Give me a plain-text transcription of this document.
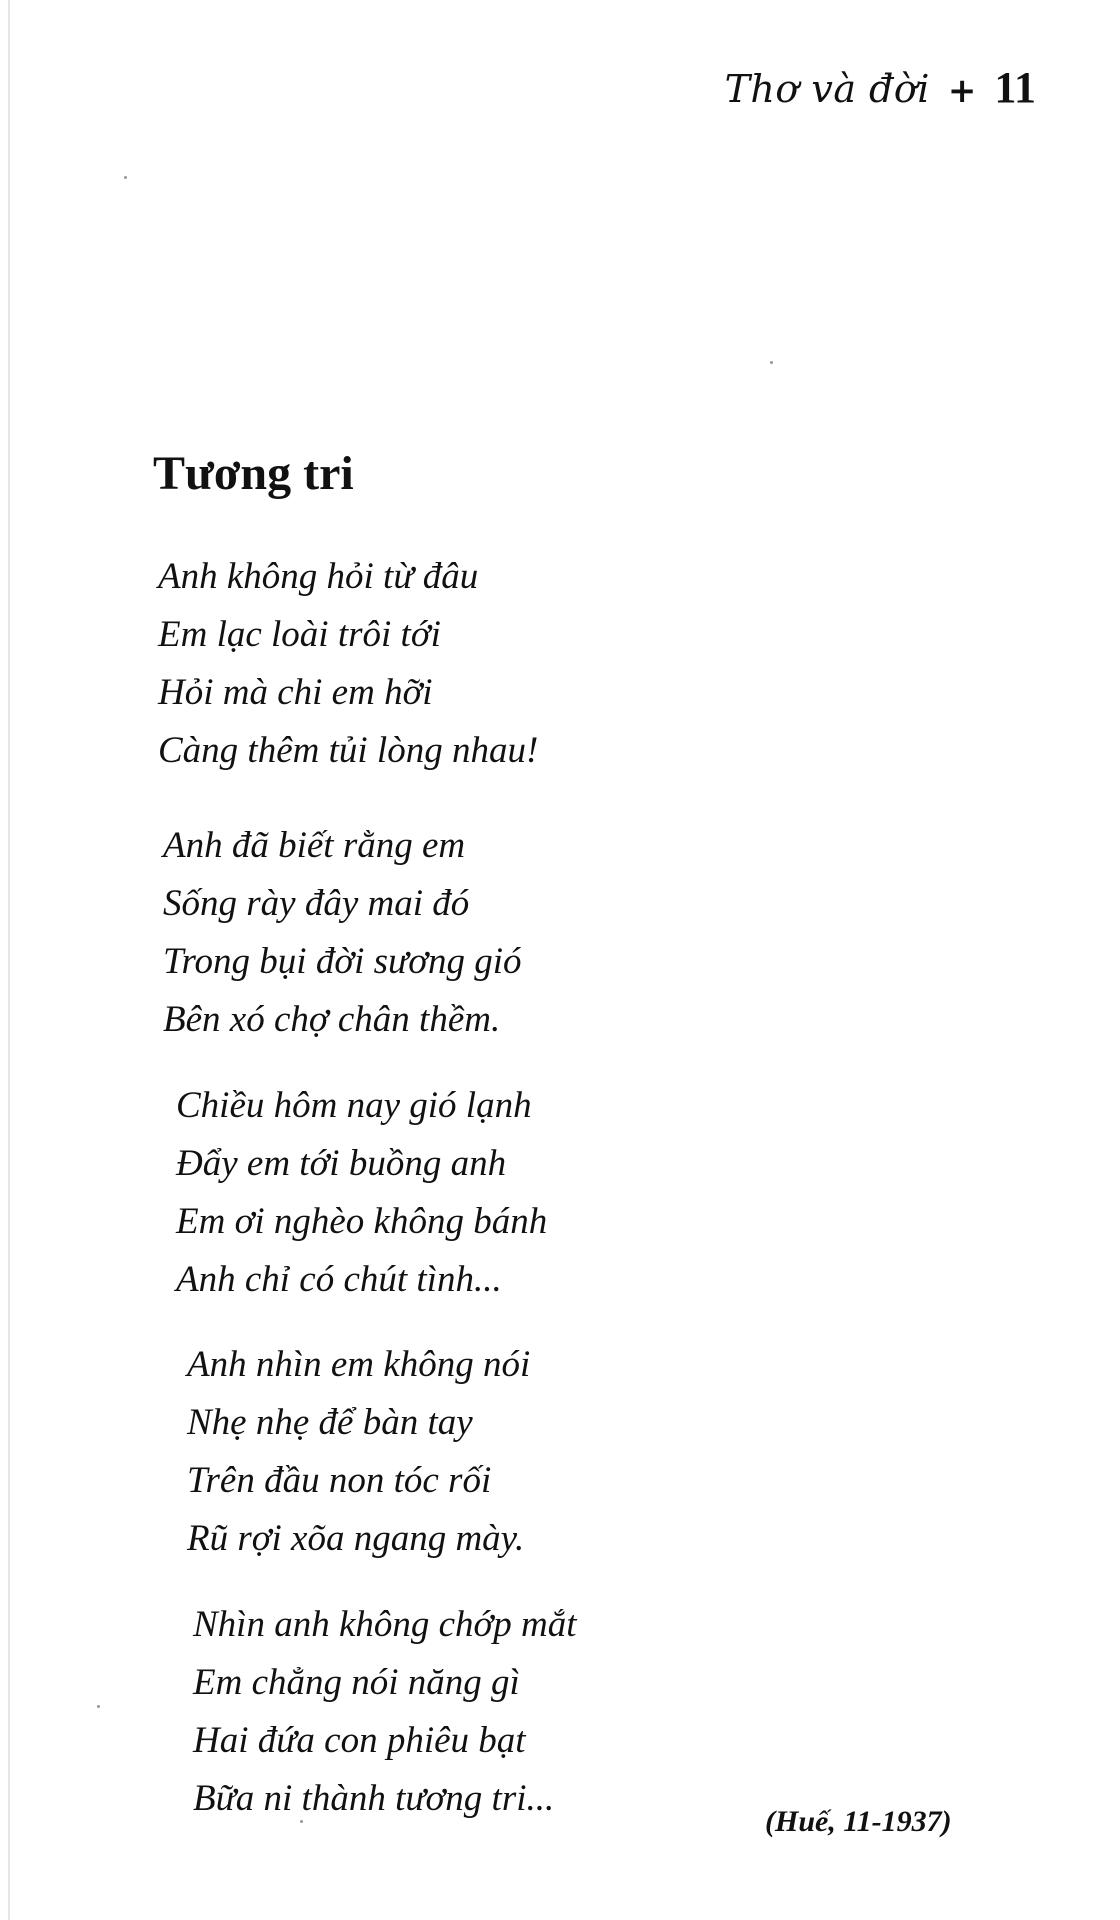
Thơ và đời + 11
Tương tri
Anh không hỏi từ đâu
Em lạc loài trôi tới
Hỏi mà chi em hỡi
Càng thêm tủi lòng nhau!
Anh đã biết rằng em
Sống rày đây mai đó
Trong bụi đời sương gió
Bên xó chợ chân thềm.
Chiều hôm nay gió lạnh
Đẩy em tới buồng anh
Em ơi nghèo không bánh
Anh chỉ có chút tình...
Anh nhìn em không nói
Nhẹ nhẹ để bàn tay
Trên đầu non tóc rối
Rũ rợi xõa ngang mày.
Nhìn anh không chớp mắt
Em chẳng nói năng gì
Hai đứa con phiêu bạt
Bữa ni thành tương tri...
(Huế, 11-1937)
